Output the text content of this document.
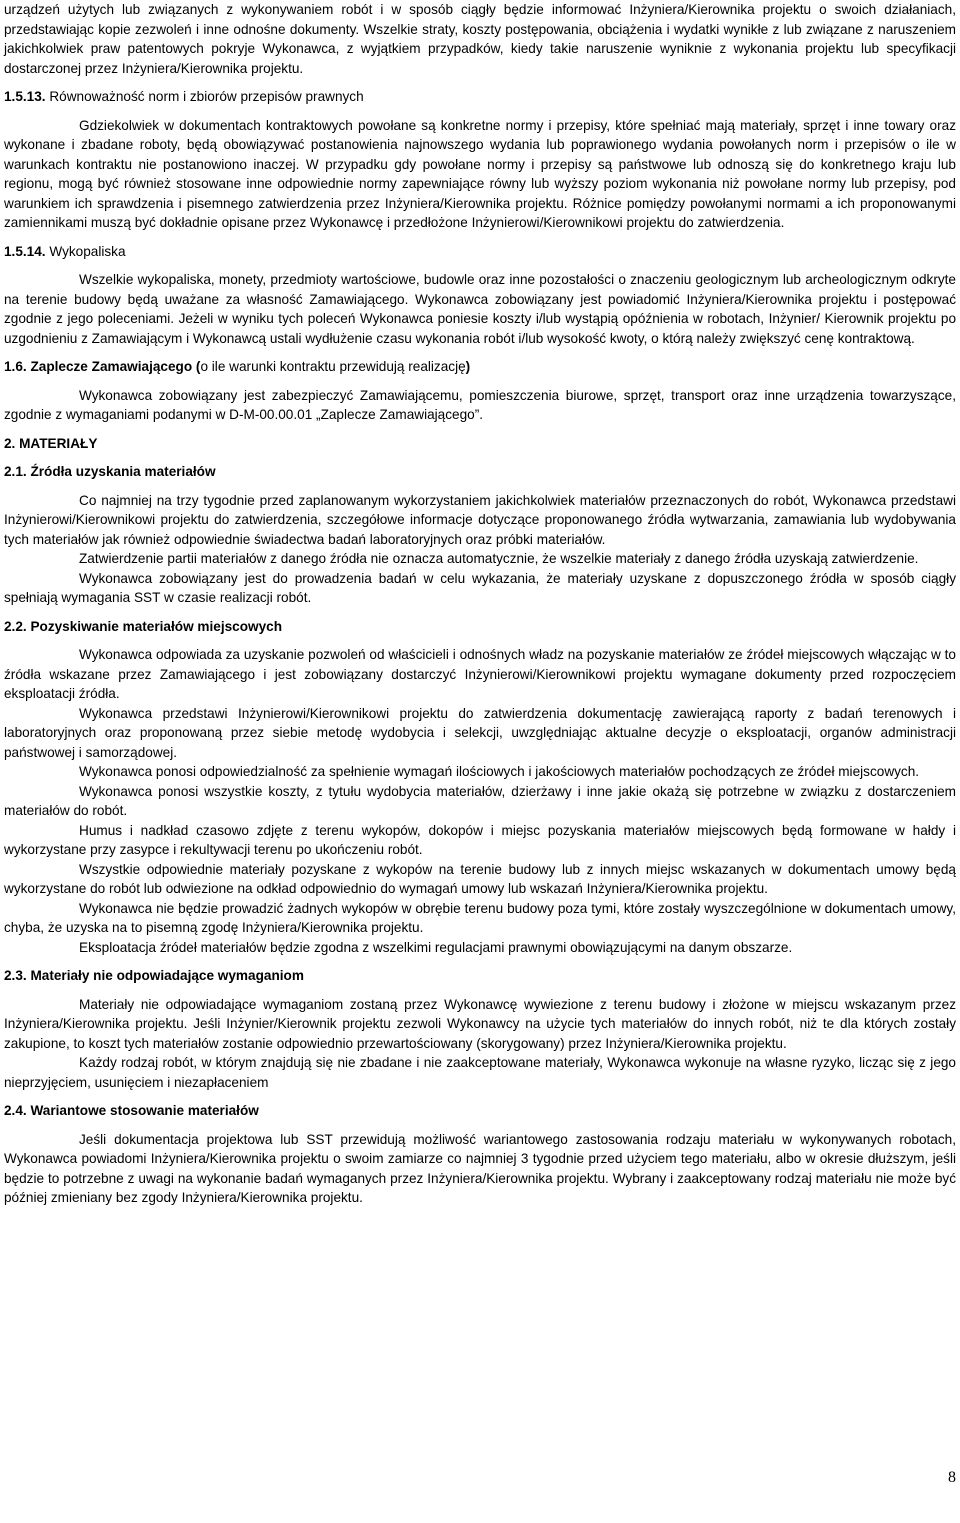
urządzeń użytych lub związanych z wykonywaniem robót i w sposób ciągły będzie informować Inżyniera/Kierownika projektu o swoich działaniach, przedstawiając kopie zezwoleń i inne odnośne dokumenty. Wszelkie straty, koszty postępowania, obciążenia i wydatki wynikłe z lub związane z naruszeniem jakichkolwiek praw patentowych pokryje Wykonawca, z wyjątkiem przypadków, kiedy takie naruszenie wyniknie z wykonania projektu lub specyfikacji dostarczonej przez Inżyniera/Kierownika projektu.

1.5.13. Równoważność norm i zbiorów przepisów prawnych

Gdziekolwiek w dokumentach kontraktowych powołane są konkretne normy i przepisy, które spełniać mają materiały, sprzęt i inne towary oraz wykonane i zbadane roboty, będą obowiązywać postanowienia najnowszego wydania lub poprawionego wydania powołanych norm i przepisów o ile w warunkach kontraktu nie postanowiono inaczej. W przypadku gdy powołane normy i przepisy są państwowe lub odnoszą się do konkretnego kraju lub regionu, mogą być również stosowane inne odpowiednie normy zapewniające równy lub wyższy poziom wykonania niż powołane normy lub przepisy, pod warunkiem ich sprawdzenia i pisemnego zatwierdzenia przez Inżyniera/Kierownika projektu. Różnice pomiędzy powołanymi normami a ich proponowanymi zamiennikami muszą być dokładnie opisane przez Wykonawcę i przedłożone Inżynierowi/Kierownikowi projektu do zatwierdzenia.

1.5.14. Wykopaliska

Wszelkie wykopaliska, monety, przedmioty wartościowe, budowle oraz inne pozostałości o znaczeniu geologicznym lub archeologicznym odkryte na terenie budowy będą uważane za własność Zamawiającego. Wykonawca zobowiązany jest powiadomić Inżyniera/Kierownika projektu i postępować zgodnie z jego poleceniami. Jeżeli w wyniku tych poleceń Wykonawca poniesie koszty i/lub wystąpią opóźnienia w robotach, Inżynier/ Kierownik projektu po uzgodnieniu z Zamawiającym i Wykonawcą ustali wydłużenie czasu wykonania robót i/lub wysokość kwoty, o którą należy zwiększyć cenę kontraktową.

1.6. Zaplecze Zamawiającego (o ile warunki kontraktu przewidują realizację)

Wykonawca zobowiązany jest zabezpieczyć Zamawiającemu, pomieszczenia biurowe, sprzęt, transport oraz inne urządzenia towarzyszące, zgodnie z wymaganiami podanymi w D-M-00.00.01 „Zaplecze Zamawiającego”.

2. MATERIAŁY

2.1. Źródła uzyskania materiałów

Co najmniej na trzy tygodnie przed zaplanowanym wykorzystaniem jakichkolwiek materiałów przeznaczonych do robót, Wykonawca przedstawi Inżynierowi/Kierownikowi projektu do zatwierdzenia, szczegółowe informacje dotyczące proponowanego źródła wytwarzania, zamawiania lub wydobywania tych materiałów jak również odpowiednie świadectwa badań laboratoryjnych oraz próbki materiałów.

Zatwierdzenie partii materiałów z danego źródła nie oznacza automatycznie, że wszelkie materiały z danego źródła uzyskają zatwierdzenie.

Wykonawca zobowiązany jest do prowadzenia badań w celu wykazania, że materiały uzyskane z dopuszczonego źródła w sposób ciągły spełniają wymagania SST w czasie realizacji robót.

2.2. Pozyskiwanie materiałów miejscowych

Wykonawca odpowiada za uzyskanie pozwoleń od właścicieli i odnośnych władz na pozyskanie materiałów ze źródeł miejscowych włączając w to źródła wskazane przez Zamawiającego i jest zobowiązany dostarczyć Inżynierowi/Kierownikowi projektu wymagane dokumenty przed rozpoczęciem eksploatacji źródła.

Wykonawca przedstawi Inżynierowi/Kierownikowi projektu do zatwierdzenia dokumentację zawierającą raporty z badań terenowych i laboratoryjnych oraz proponowaną przez siebie metodę wydobycia i selekcji, uwzględniając aktualne decyzje o eksploatacji, organów administracji państwowej i samorządowej.

Wykonawca ponosi odpowiedzialność za spełnienie wymagań ilościowych i jakościowych materiałów pochodzących ze źródeł miejscowych.

Wykonawca ponosi wszystkie koszty, z tytułu wydobycia materiałów, dzierżawy i inne jakie okażą się potrzebne w związku z dostarczeniem materiałów do robót.

Humus i nadkład czasowo zdjęte z terenu wykopów, dokopów i miejsc pozyskania materiałów miejscowych będą formowane w hałdy i wykorzystane przy zasypce i rekultywacji terenu po ukończeniu robót.

Wszystkie odpowiednie materiały pozyskane z wykopów na terenie budowy lub z innych miejsc wskazanych w dokumentach umowy będą wykorzystane do robót lub odwiezione na odkład odpowiednio do wymagań umowy lub wskazań Inżyniera/Kierownika projektu.

Wykonawca nie będzie prowadzić żadnych wykopów w obrębie terenu budowy poza tymi, które zostały wyszczególnione w dokumentach umowy, chyba, że uzyska na to pisemną zgodę Inżyniera/Kierownika projektu.

Eksploatacja źródeł materiałów będzie zgodna z wszelkimi regulacjami prawnymi obowiązującymi na danym obszarze.

2.3. Materiały nie odpowiadające wymaganiom

Materiały nie odpowiadające wymaganiom zostaną przez Wykonawcę wywiezione z terenu budowy i złożone w miejscu wskazanym przez Inżyniera/Kierownika projektu. Jeśli Inżynier/Kierownik projektu zezwoli Wykonawcy na użycie tych materiałów do innych robót, niż te dla których zostały zakupione, to koszt tych materiałów zostanie odpowiednio przewartościowany (skorygowany) przez Inżyniera/Kierownika projektu.

Każdy rodzaj robót, w którym znajdują się nie zbadane i nie zaakceptowane materiały, Wykonawca wykonuje na własne ryzyko, licząc się z jego nieprzyjęciem, usunięciem i niezapłaceniem

2.4. Wariantowe stosowanie materiałów

Jeśli dokumentacja projektowa lub SST przewidują możliwość wariantowego zastosowania rodzaju materiału w wykonywanych robotach, Wykonawca powiadomi Inżyniera/Kierownika projektu o swoim zamiarze co najmniej 3 tygodnie przed użyciem tego materiału, albo w okresie dłuższym, jeśli będzie to potrzebne z uwagi na wykonanie badań wymaganych przez Inżyniera/Kierownika projektu. Wybrany i zaakceptowany rodzaj materiału nie może być później zmieniany bez zgody Inżyniera/Kierownika projektu.

8
